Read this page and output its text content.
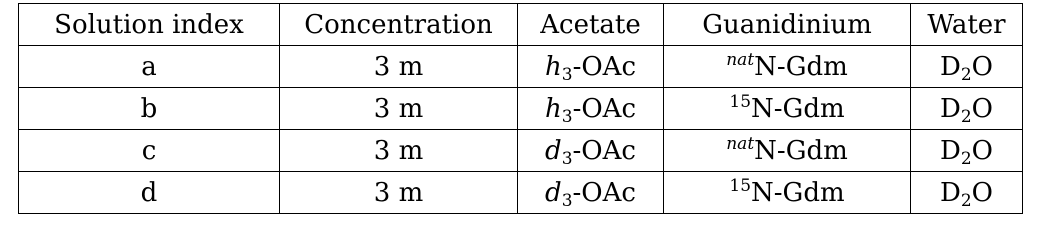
Solution index	Concentration	Acetate	Guanidinium	Water
a	3 m	$h_3$-OAc	$^{nat}$N-Gdm	$D_2O$
b	3 m	$h_3$-OAc	$^{15}$N-Gdm	$D_2O$
c	3 m	$d_3$-OAc	$^{nat}$N-Gdm	$D_2O$
d	3 m	$d_3$-OAc	$^{15}$N-Gdm	$D_2O$
